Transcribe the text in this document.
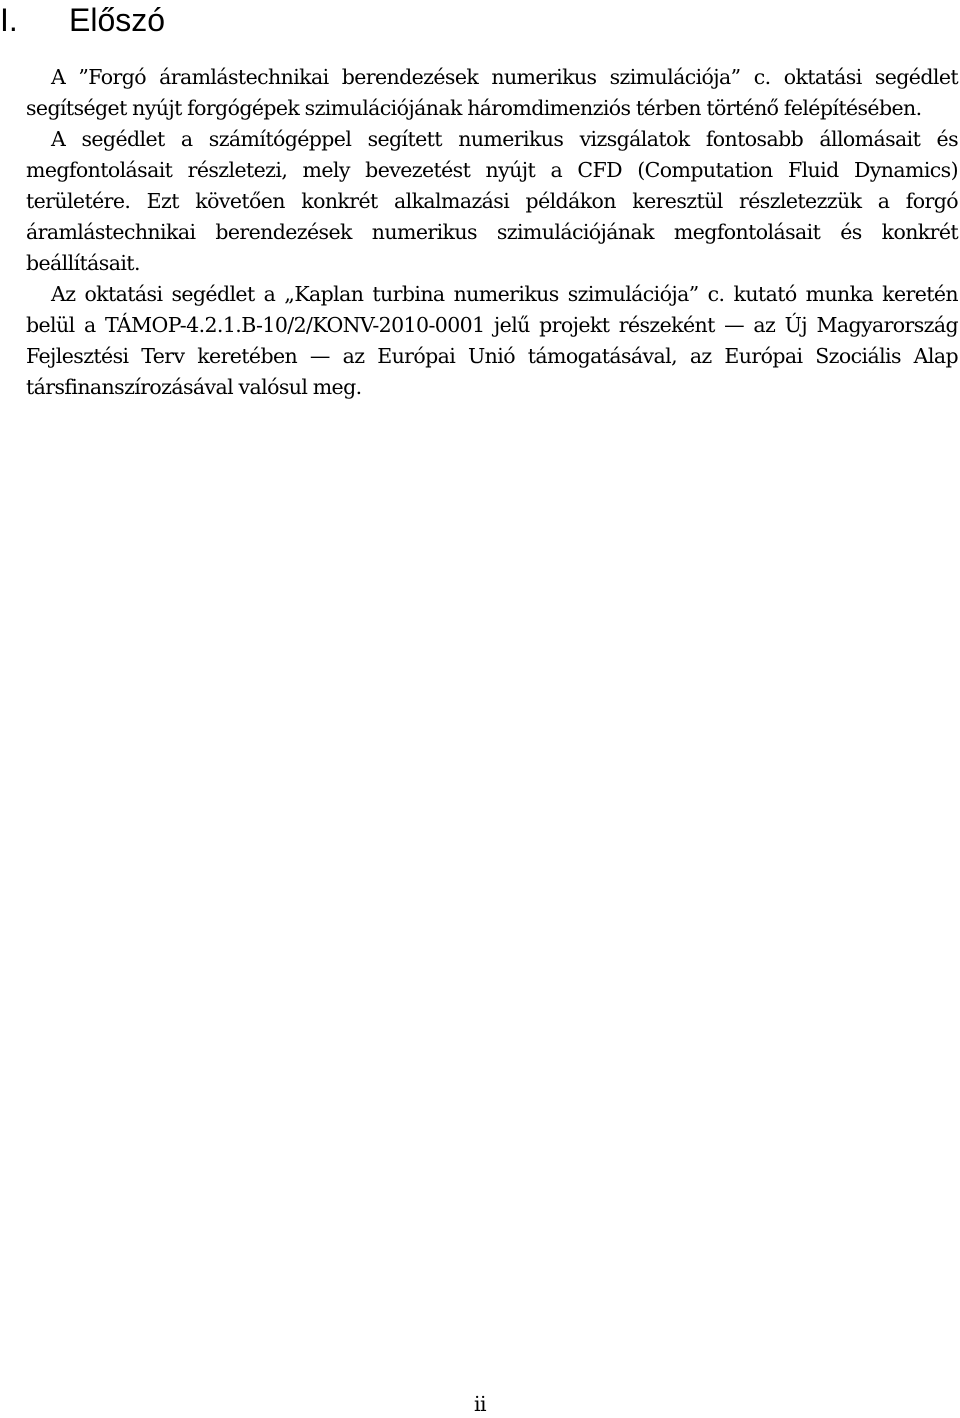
I. Előszó

A ”Forgó áramlástechnikai berendezések numerikus szimulációja” c. oktatási segédlet segítséget nyújt forgógépek szimulációjának háromdimenziós térben történő felépítésében.

A segédlet a számítógéppel segített numerikus vizsgálatok fontosabb állomásait és megfontolásait részletezi, mely bevezetést nyújt a CFD (Computation Fluid Dynamics) területére. Ezt követően konkrét alkalmazási példákon keresztül részletezzük a forgó áramlástechnikai berendezések numerikus szimulációjának megfontolásait és konkrét beállításait.

Az oktatási segédlet a „Kaplan turbina numerikus szimulációja” c. kutató munka keretén belül a TÁMOP-4.2.1.B-10/2/KONV-2010-0001 jelű projekt részeként — az Új Magyarország Fejlesztési Terv keretében — az Európai Unió támogatásával, az Európai Szociális Alap társfinanszírozásával valósul meg.

ii
